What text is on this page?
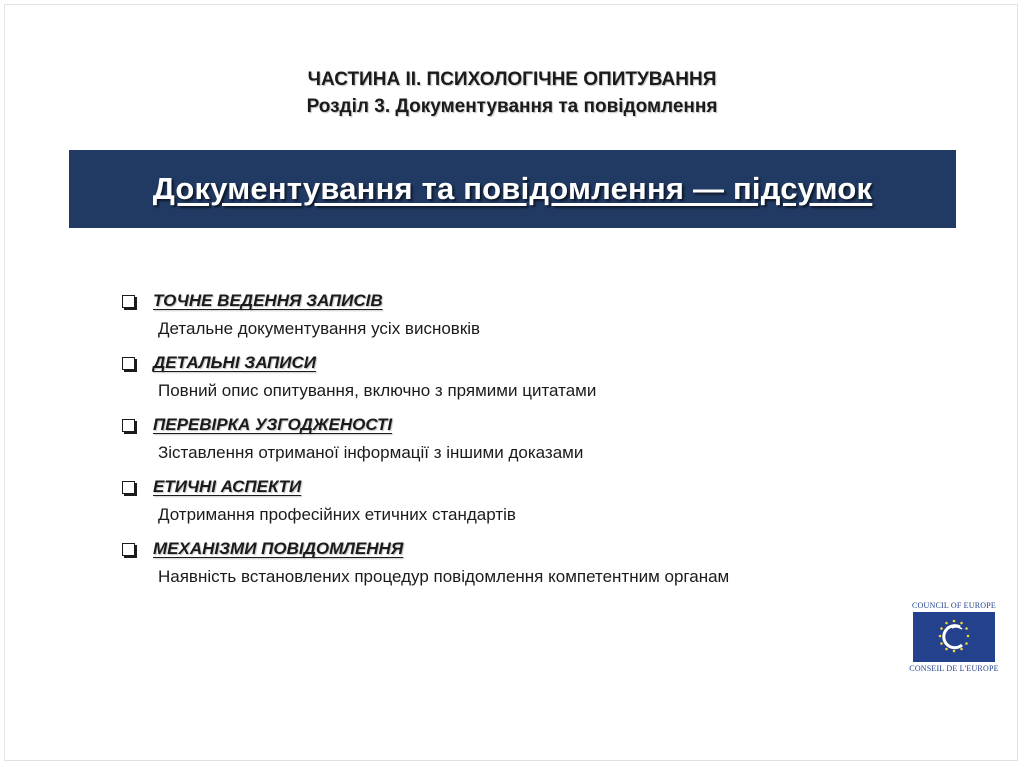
ЧАСТИНА II. ПСИХОЛОГІЧНЕ ОПИТУВАННЯ
Розділ 3. Документування та повідомлення
Документування та повідомлення — підсумок
ТОЧНЕ ВЕДЕННЯ ЗАПИСІВ
Детальне документування усіх висновків
ДЕТАЛЬНІ ЗАПИСИ
Повний опис опитування, включно з прямими цитатами
ПЕРЕВІРКА УЗГОДЖЕНОСТІ
Зіставлення отриманої інформації з іншими доказами
ЕТИЧНІ АСПЕКТИ
Дотримання професійних етичних стандартів
МЕХАНІЗМИ ПОВІДОМЛЕННЯ
Наявність встановлених процедур повідомлення компетентним органам
COUNCIL OF EUROPE
CONSEIL DE L'EUROPE
